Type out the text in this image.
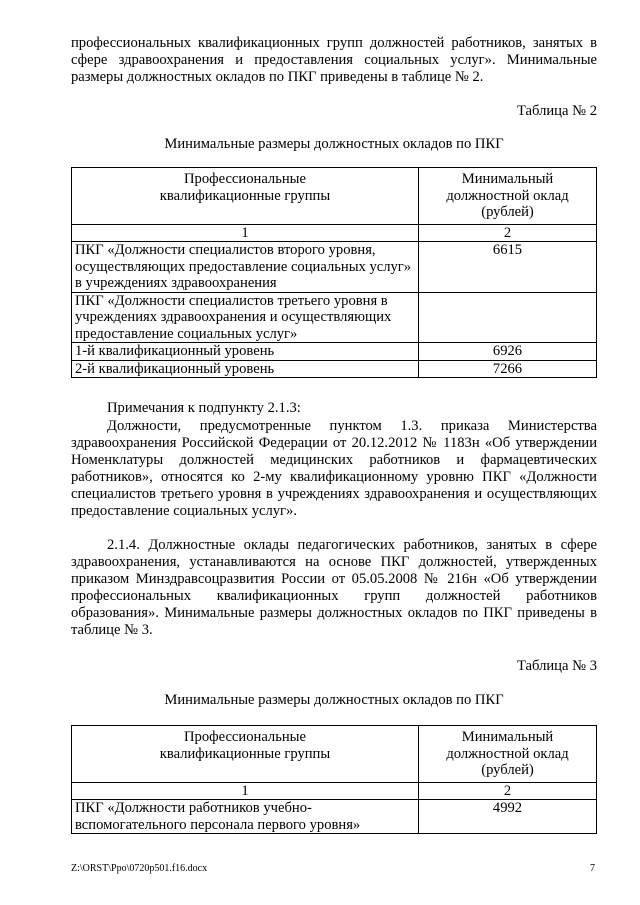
профессиональных квалификационных групп должностей работников, занятых в сфере здравоохранения и предоставления социальных услуг». Минимальные размеры должностных окладов по ПКГ приведены в таблице № 2.

Таблица № 2

Минимальные размеры должностных окладов по ПКГ

Профессиональные
квалификационные группы	Минимальный
должностной оклад
(рублей)
1	2
ПКГ «Должности специалистов второго уровня, осуществляющих предоставление социальных услуг» в учреждениях здравоохранения	6615
ПКГ «Должности специалистов третьего уровня в учреждениях здравоохранения и осуществляющих предоставление социальных услуг»	
1-й квалификационный уровень	6926
2-й квалификационный уровень	7266

Примечания к подпункту 2.1.3:

Должности, предусмотренные пунктом 1.3. приказа Министерства здравоохранения Российской Федерации от 20.12.2012 № 1183н «Об утверждении Номенклатуры должностей медицинских работников и фармацевтических работников», относятся ко 2-му квалификационному уровню ПКГ «Должности специалистов третьего уровня в учреждениях здравоохранения и осуществляющих предоставление социальных услуг».

2.1.4. Должностные оклады педагогических работников, занятых в сфере здравоохранения, устанавливаются на основе ПКГ должностей, утвержденных приказом Минздравсоцразвития России от 05.05.2008 № 216н «Об утверждении профессиональных квалификационных групп должностей работников образования». Минимальные размеры должностных окладов по ПКГ приведены в таблице № 3.

Таблица № 3

Минимальные размеры должностных окладов по ПКГ

Профессиональные
квалификационные группы	Минимальный
должностной оклад
(рублей)
1	2
ПКГ «Должности работников учебно-вспомогательного персонала первого уровня»	4992
Z:\ORST\Ppo\0720p501.f16.docx	7
